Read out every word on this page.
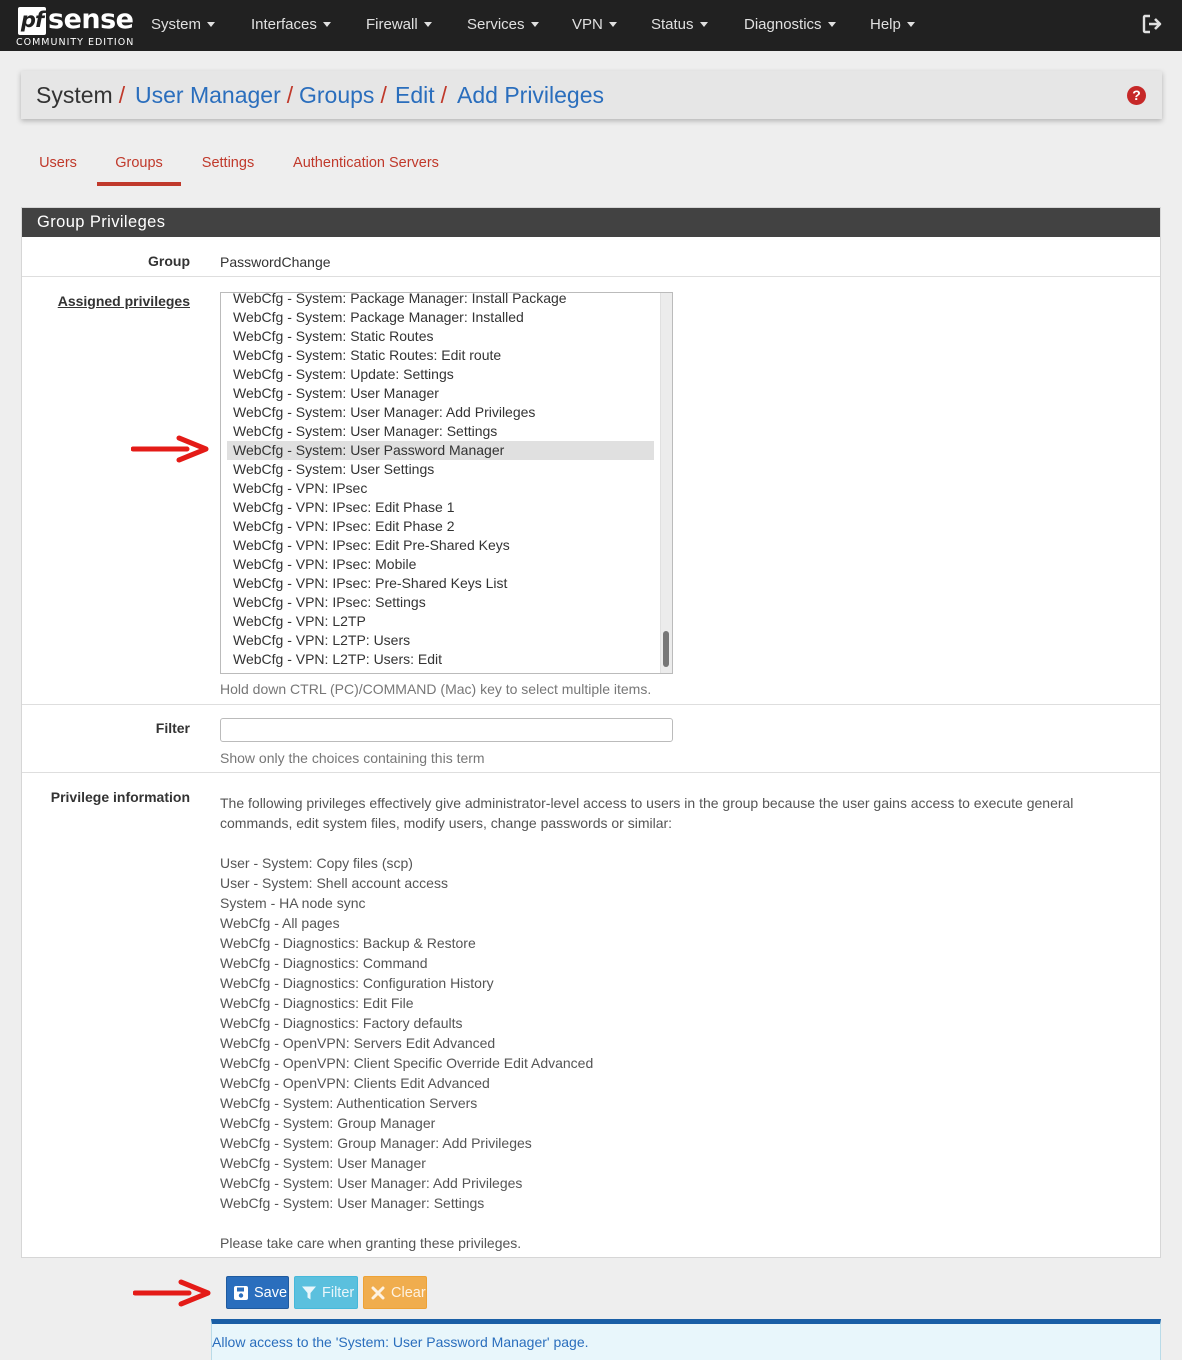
pf sense
COMMUNITY EDITION
System	Interfaces	Firewall	Services	VPN	Status	Diagnostics	Help
System / User Manager / Groups / Edit / Add Privileges	?
Users	Groups	Settings	Authentication Servers
Group Privileges
Group PasswordChange
Assigned privileges	WebCfg - System: Package Manager: Install Package
WebCfg - System: Package Manager: Installed
WebCfg - System: Static Routes
WebCfg - System: Static Routes: Edit route
WebCfg - System: Update: Settings
WebCfg - System: User Manager
WebCfg - System: User Manager: Add Privileges
WebCfg - System: User Manager: Settings
WebCfg - System: User Password Manager
WebCfg - System: User Settings
WebCfg - VPN: IPsec
WebCfg - VPN: IPsec: Edit Phase 1
WebCfg - VPN: IPsec: Edit Phase 2
WebCfg - VPN: IPsec: Edit Pre-Shared Keys
WebCfg - VPN: IPsec: Mobile
WebCfg - VPN: IPsec: Pre-Shared Keys List
WebCfg - VPN: IPsec: Settings
WebCfg - VPN: L2TP
WebCfg - VPN: L2TP: Users
WebCfg - VPN: L2TP: Users: Edit
Hold down CTRL (PC)/COMMAND (Mac) key to select multiple items.
Filter
Show only the choices containing this term
Privilege information The following privileges effectively give administrator-level access to users in the group because the user gains access to execute general
commands, edit system files, modify users, change passwords or similar:
User - System: Copy files (scp)
User - System: Shell account access
System - HA node sync
WebCfg - All pages
WebCfg - Diagnostics: Backup & Restore
WebCfg - Diagnostics: Command
WebCfg - Diagnostics: Configuration History
WebCfg - Diagnostics: Edit File
WebCfg - Diagnostics: Factory defaults
WebCfg - OpenVPN: Servers Edit Advanced
WebCfg - OpenVPN: Client Specific Override Edit Advanced
WebCfg - OpenVPN: Clients Edit Advanced
WebCfg - System: Authentication Servers
WebCfg - System: Group Manager
WebCfg - System: Group Manager: Add Privileges
WebCfg - System: User Manager
WebCfg - System: User Manager: Add Privileges
WebCfg - System: User Manager: Settings
Please take care when granting these privileges.
Save Filter	Clear
Allow access to the 'System: User Password Manager' page.
